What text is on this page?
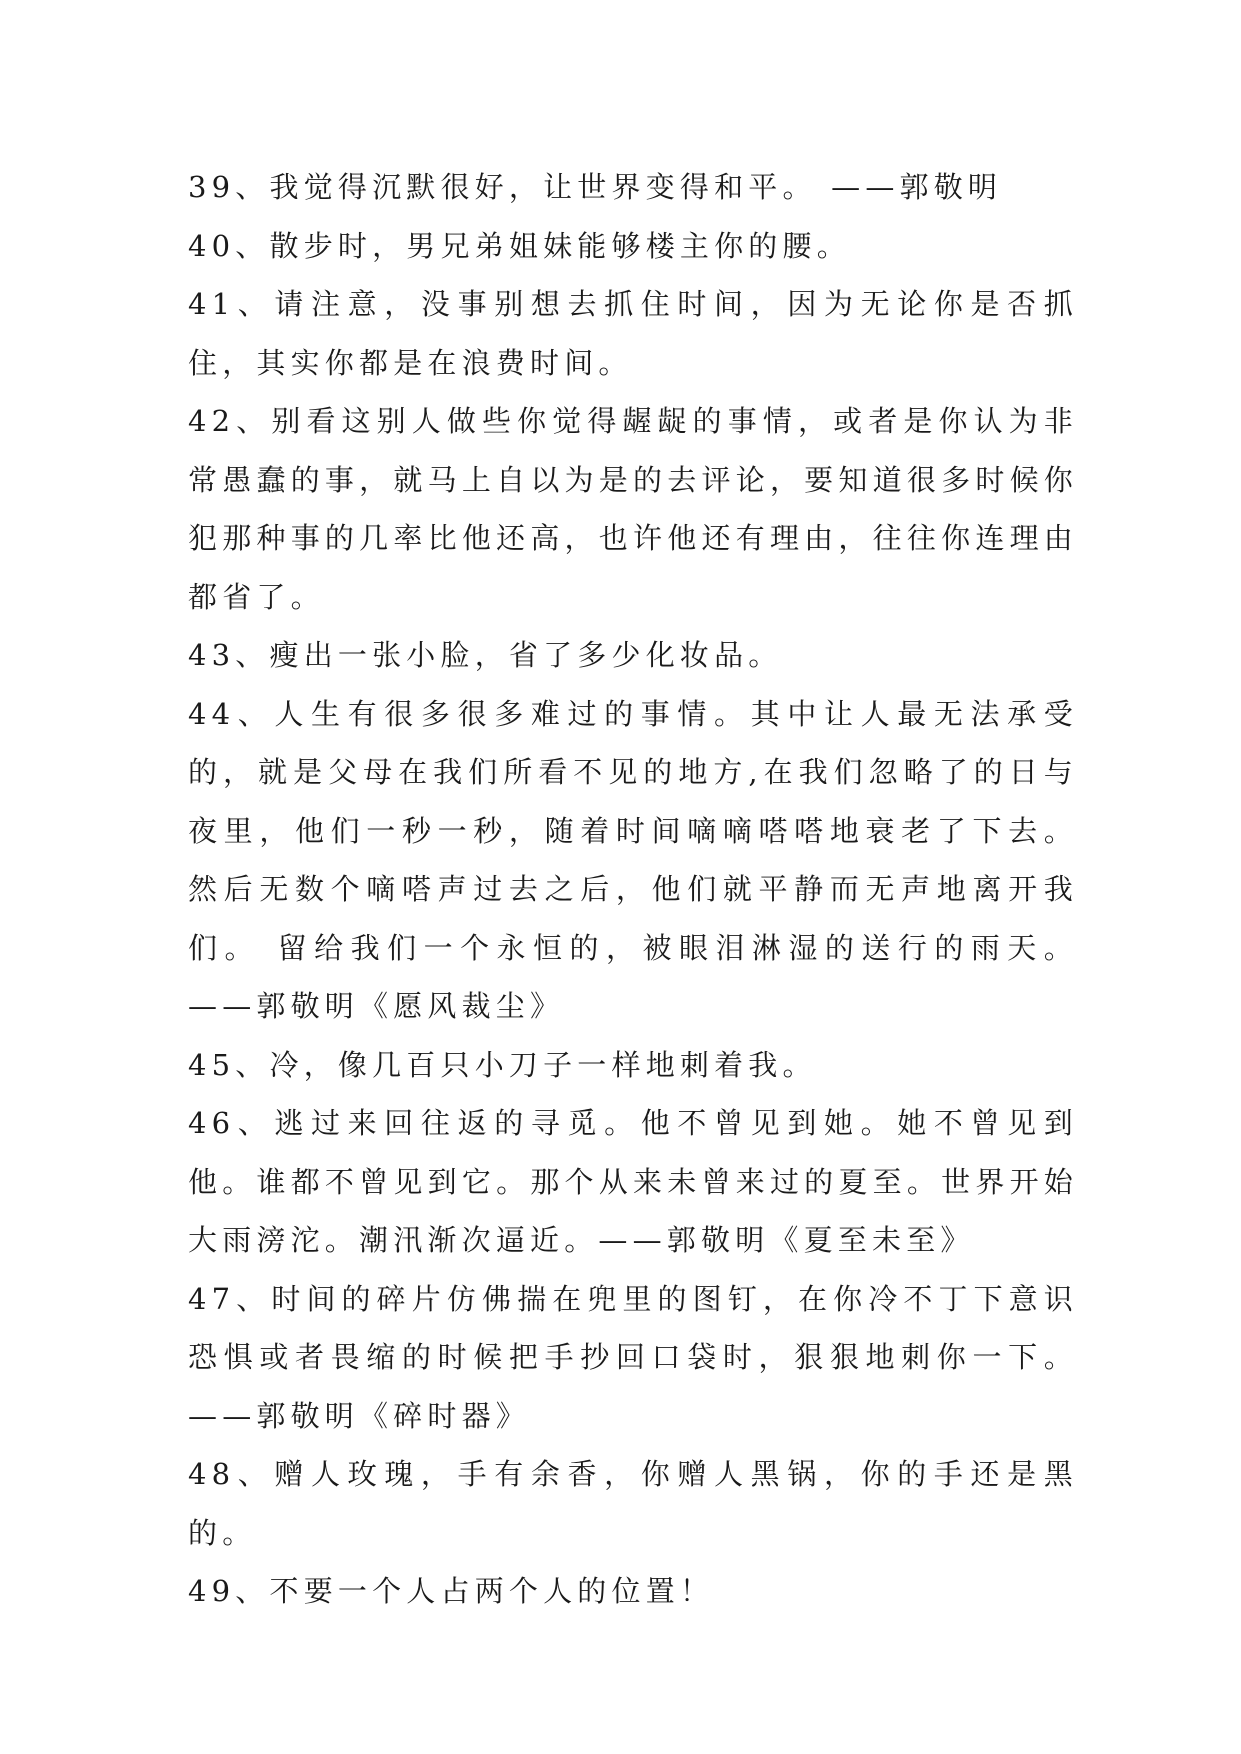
39、我觉得沉默很好，让世界变得和平。 ——郭敬明

40、散步时，男兄弟姐妹能够楼主你的腰。

41、请注意，没事别想去抓住时间，因为无论你是否抓住，其实你都是在浪费时间。

42、别看这别人做些你觉得龌龊的事情，或者是你认为非常愚蠢的事，就马上自以为是的去评论，要知道很多时候你犯那种事的几率比他还高，也许他还有理由，往往你连理由都省了。

43、瘦出一张小脸，省了多少化妆品。

44、人生有很多很多难过的事情。其中让人最无法承受的，就是父母在我们所看不见的地方,在我们忽略了的日与夜里，他们一秒一秒，随着时间嘀嘀嗒嗒地衰老了下去。 然后无数个嘀嗒声过去之后，他们就平静而无声地离开我们。 留给我们一个永恒的，被眼泪淋湿的送行的雨天。——郭敬明《愿风裁尘》

45、冷，像几百只小刀子一样地刺着我。

46、逃过来回往返的寻觅。他不曾见到她。她不曾见到他。谁都不曾见到它。那个从来未曾来过的夏至。世界开始大雨滂沱。潮汛渐次逼近。——郭敬明《夏至未至》

47、时间的碎片仿佛揣在兜里的图钉，在你冷不丁下意识恐惧或者畏缩的时候把手抄回口袋时，狠狠地刺你一下。——郭敬明《碎时器》

48、赠人玫瑰，手有余香，你赠人黑锅，你的手还是黑的。

49、不要一个人占两个人的位置！
